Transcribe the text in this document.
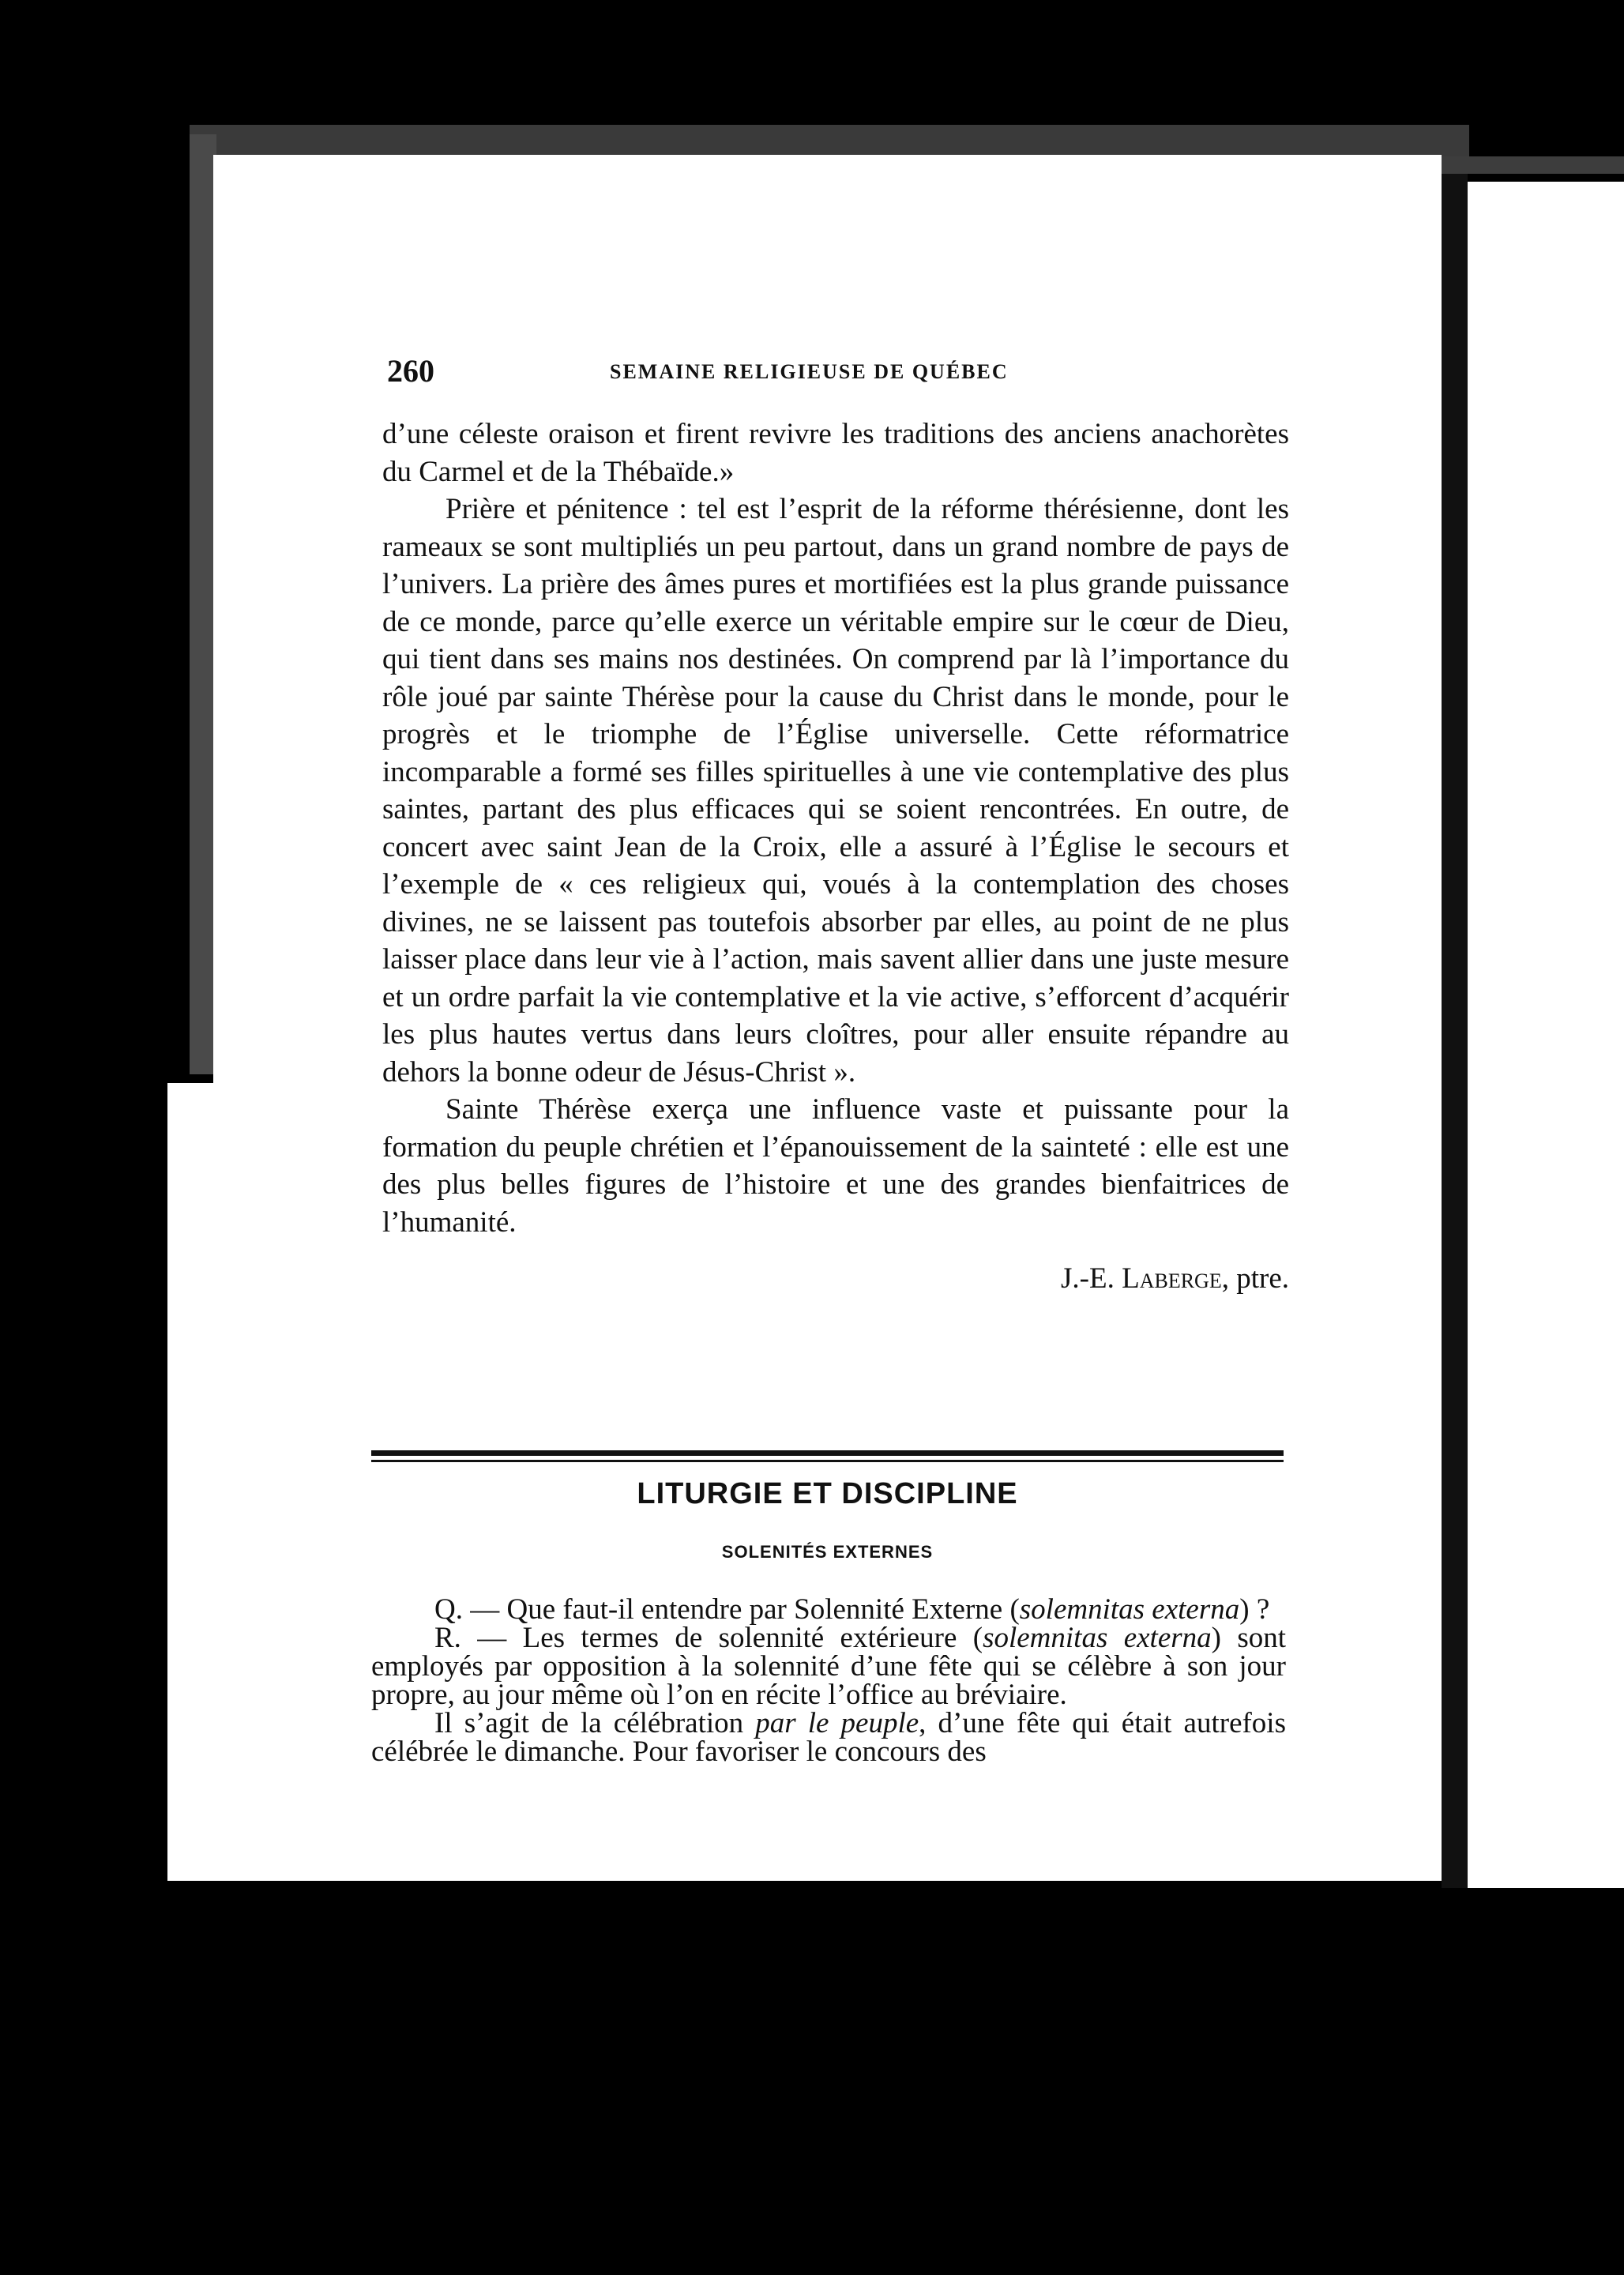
260	SEMAINE RELIGIEUSE DE QUÉBEC

d’une céleste oraison et firent revivre les traditions des anciens anachorètes du Carmel et de la Thébaïde.»

Prière et pénitence : tel est l’esprit de la réforme thérésienne, dont les rameaux se sont multipliés un peu partout, dans un grand nombre de pays de l’univers. La prière des âmes pures et mortifiées est la plus grande puissance de ce monde, parce qu’elle exerce un véritable empire sur le cœur de Dieu, qui tient dans ses mains nos destinées. On comprend par là l’importance du rôle joué par sainte Thérèse pour la cause du Christ dans le monde, pour le progrès et le triomphe de l’Église universelle. Cette réformatrice incomparable a formé ses filles spirituelles à une vie contemplative des plus saintes, partant des plus efficaces qui se soient rencontrées. En outre, de concert avec saint Jean de la Croix, elle a assuré à l’Église le secours et l’exemple de « ces religieux qui, voués à la contemplation des choses divines, ne se laissent pas toutefois absorber par elles, au point de ne plus laisser place dans leur vie à l’action, mais savent allier dans une juste mesure et un ordre parfait la vie contemplative et la vie active, s’efforcent d’acquérir les plus hautes vertus dans leurs cloîtres, pour aller ensuite répandre au dehors la bonne odeur de Jésus-Christ ».

Sainte Thérèse exerça une influence vaste et puissante pour la formation du peuple chrétien et l’épanouissement de la sainteté : elle est une des plus belles figures de l’histoire et une des grandes bienfaitrices de l’humanité.

J.-E. Laberge, ptre.

LITURGIE ET DISCIPLINE
SOLENITÉS EXTERNES

Q. — Que faut-il entendre par Solennité Externe (solemnitas externa) ?

R. — Les termes de solennité extérieure (solemnitas externa) sont employés par opposition à la solennité d’une fête qui se célèbre à son jour propre, au jour même où l’on en récite l’office au bréviaire.

Il s’agit de la célébration par le peuple, d’une fête qui était autrefois célébrée le dimanche. Pour favoriser le concours des
